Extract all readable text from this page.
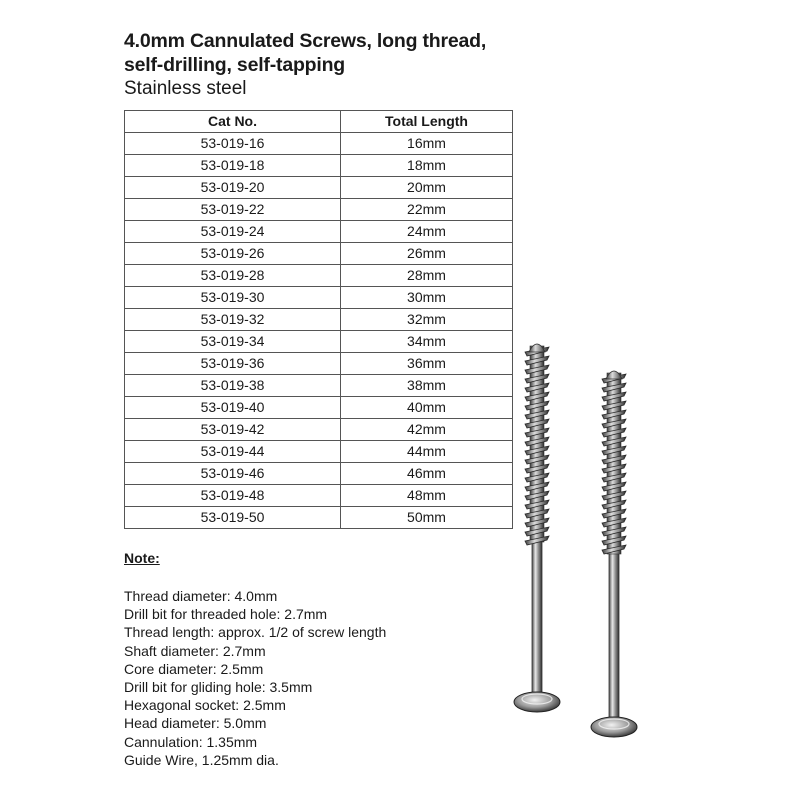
4.0mm Cannulated Screws, long thread,
self-drilling, self-tapping
Stainless steel
Cat No.	Total Length
53-019-16	16mm
53-019-18	18mm
53-019-20	20mm
53-019-22	22mm
53-019-24	24mm
53-019-26	26mm
53-019-28	28mm
53-019-30	30mm
53-019-32	32mm
53-019-34	34mm
53-019-36	36mm
53-019-38	38mm
53-019-40	40mm
53-019-42	42mm
53-019-44	44mm
53-019-46	46mm
53-019-48	48mm
53-019-50	50mm
Note:
Thread diameter: 4.0mm
Drill bit for threaded hole: 2.7mm
Thread length: approx. 1/2 of screw length
Shaft diameter: 2.7mm
Core diameter: 2.5mm
Drill bit for gliding hole: 3.5mm
Hexagonal socket: 2.5mm
Head diameter: 5.0mm
Cannulation: 1.35mm
Guide Wire, 1.25mm dia.
